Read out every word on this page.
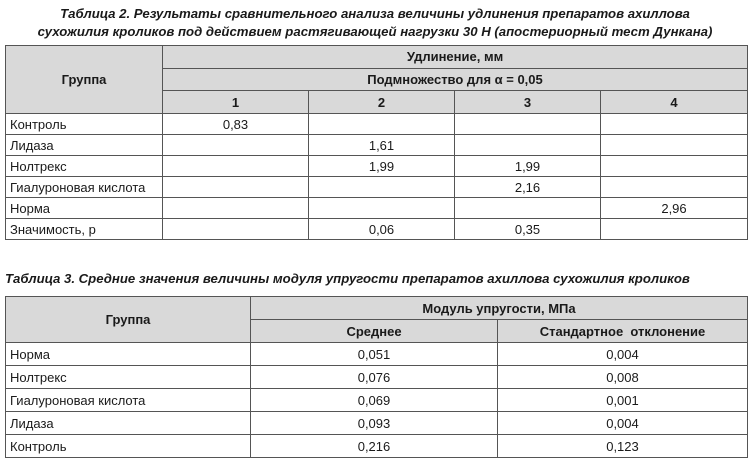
Таблица 2. Результаты сравнительного анализа величины удлинения препаратов ахиллова
сухожилия кроликов под действием растягивающей нагрузки 30 Н (апостериорный тест Дункана)
Группа	Удлинение, мм			
	Подмножество для α = 0,05			
	1	2	3	4
Контроль	0,83			
Лидаза		1,61		
Нолтрекс		1,99	1,99	
Гиалуроновая кислота			2,16	
Норма				2,96
Значимость, p		0,06	0,35	
Таблица 3. Средние значения величины модуля упругости препаратов ахиллова сухожилия кроликов
Группа	Модуль упругости, МПа	
	Среднее	Стандартное  отклонение
Норма	0,051	0,004
Нолтрекс	0,076	0,008
Гиалуроновая кислота	0,069	0,001
Лидаза	0,093	0,004
Контроль	0,216	0,123
